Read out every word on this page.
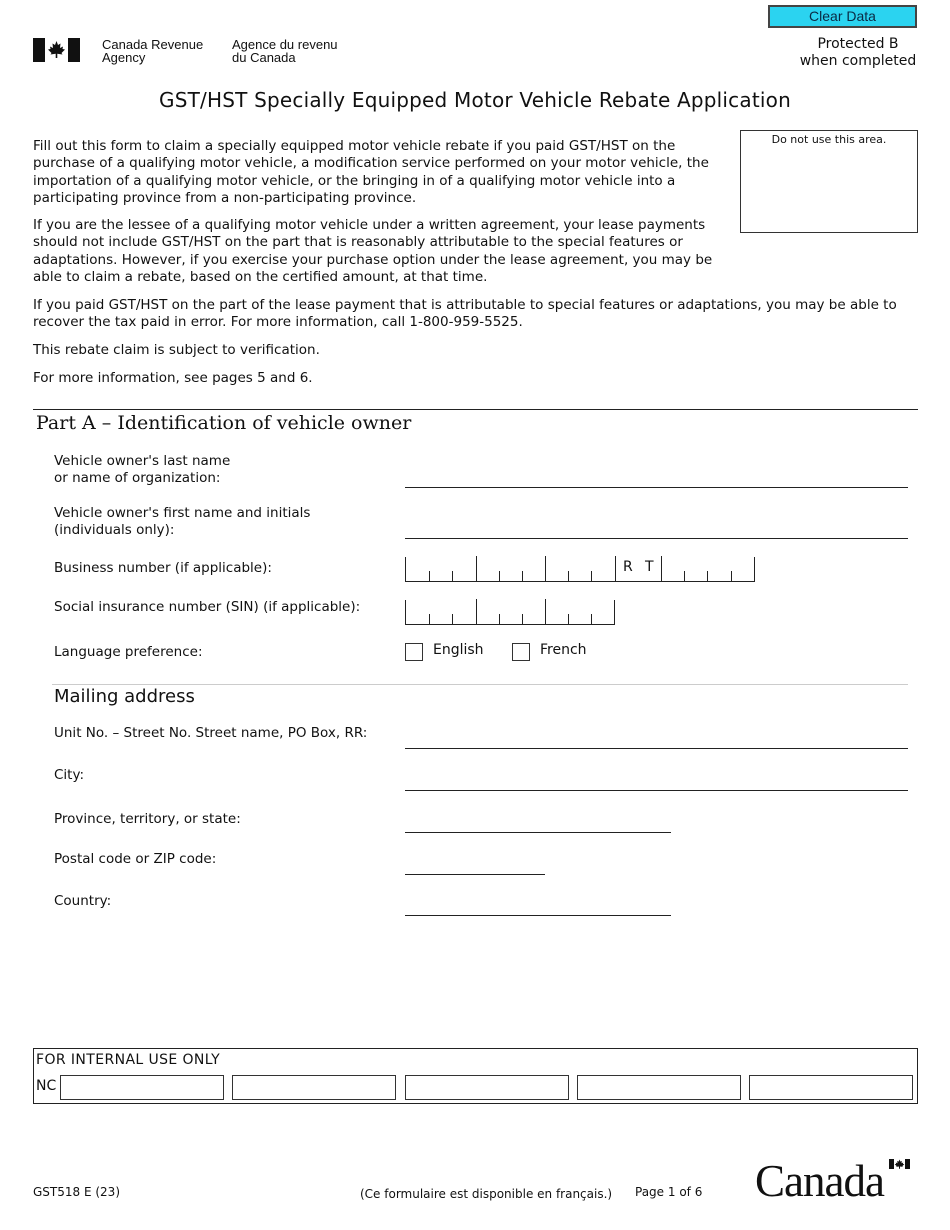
Clear Data
Protected B
when completed
Canada Revenue
Agency
Agence du revenu
du Canada
GST/HST Specially Equipped Motor Vehicle Rebate Application

Fill out this form to claim a specially equipped motor vehicle rebate if you paid GST/HST on the purchase of a qualifying motor vehicle, a modification service performed on your motor vehicle, the importation of a qualifying motor vehicle, or the bringing in of a qualifying motor vehicle into a participating province from a non-participating province.

If you are the lessee of a qualifying motor vehicle under a written agreement, your lease payments should not include GST/HST on the part that is reasonably attributable to the special features or adaptations. However, if you exercise your purchase option under the lease agreement, you may be able to claim a rebate, based on the certified amount, at that time.

If you paid GST/HST on the part of the lease payment that is attributable to special features or adaptations, you may be able to recover the tax paid in error. For more information, call 1-800-959-5525.

This rebate claim is subject to verification.

For more information, see pages 5 and 6.

Do not use this area.
Part A – Identification of vehicle owner
Vehicle owner's last name
or name of organization:
Vehicle owner's first name and initials
(individuals only):
Business number (if applicable):	R T
Social insurance number (SIN) (if applicable):
Language preference:	English	French
Mailing address
Unit No. – Street No. Street name, PO Box, RR:
City:
Province, territory, or state:
Postal code or ZIP code:
Country:
FOR INTERNAL USE ONLY
NC
GST518 E (23)	(Ce formulaire est disponible en français.) Page 1 of 6 Canada
